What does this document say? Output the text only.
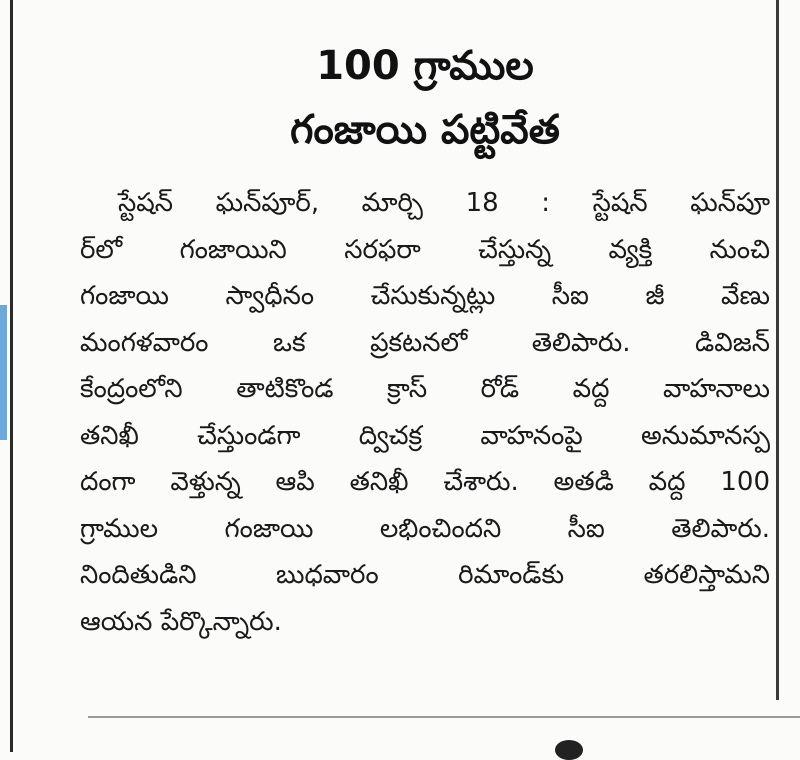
100 గ్రాముల
గంజాయి పట్టివేత
స్టేషన్ ఘన్‌పూర్, మార్చి 18 : స్టేషన్ ఘన్‌పూ
ర్‌లో గంజాయిని సరఫరా చేస్తున్న వ్యక్తి నుంచి
గంజాయి స్వాధీనం చేసుకున్నట్లు సీఐ జీ వేణు
మంగళవారం ఒక ప్రకటనలో తెలిపారు. డివిజన్
కేంద్రంలోని తాటికొండ క్రాస్ రోడ్ వద్ద వాహనాలు
తనిఖీ చేస్తుండగా ద్విచక్ర వాహనంపై అనుమానస్ప
దంగా వెళ్తున్న ఆపి తనిఖీ చేశారు. అతడి వద్ద 100
గ్రాముల గంజాయి లభించిందని సీఐ తెలిపారు.
నిందితుడిని బుధవారం రిమాండ్‌కు తరలిస్తామని
ఆయన పేర్కొన్నారు.
